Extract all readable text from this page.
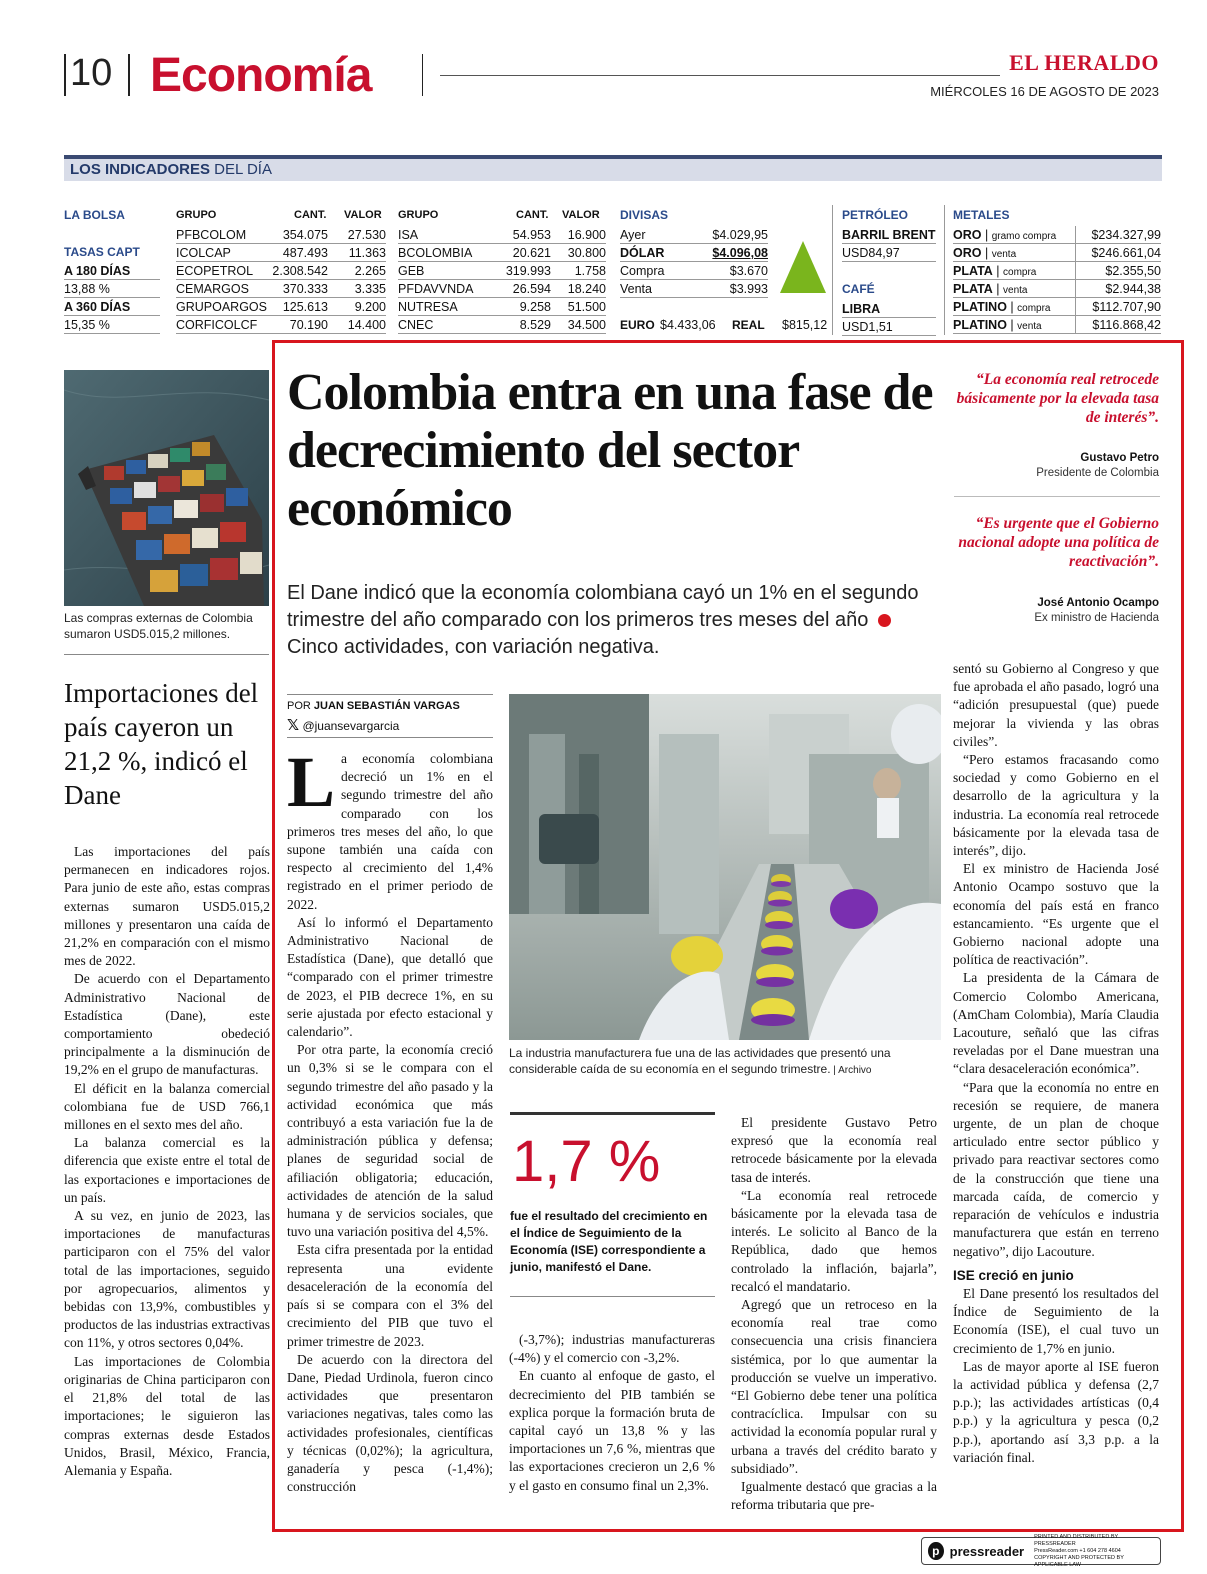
10 Economía	EL HERALDO
MIÉRCOLES 16 DE AGOSTO DE 2023
LOS INDICADORES DEL DÍA
LA BOLSA
TASAS CAPT
A 180 DÍAS
13,88 %
A 360 DÍAS
15,35 %
GRUPO	CANT. VALOR
PFBCOLOM	354.075 27.530
ICOLCAP	487.493 11.363
ECOPETROL 2.308.542 2.265
CEMARGOS	370.333 3.335
GRUPOARGOS 125.613 9.200
CORFICOLCF	70.190 14.400
GRUPO	CANT. VALOR
ISA	54.953 16.900
BCOLOMBIA	20.621 30.800
GEB	319.993 1.758
PFDAVVNDA	26.594 18.240
NUTRESA	9.258 51.500
CNEC	8.529 34.500
DIVISAS
Ayer	$4.029,95
DÓLAR	$4.096,08
Compra	$3.670
Venta	$3.993
EURO $4.433,06 REAL $815,12
PETRÓLEO
BARRIL BRENT
USD84,97
CAFÉ
LIBRA
USD1,51
METALES
ORO | gramo compra	$234.327,99
ORO | venta	$246.661,04
PLATA | compra	$2.355,50
PLATA | venta	$2.944,38
PLATINO | compra	$112.707,90
PLATINO | venta	$116.868,42
Las compras externas de Colombia sumaron USD5.015,2 millones.
Importaciones del país cayeron un 21,2 %, indicó el Dane

Las importaciones del país permanecen en indicadores rojos. Para junio de este año, estas compras externas sumaron USD5.015,2 millones y presentaron una caída de 21,2% en comparación con el mismo mes de 2022.

De acuerdo con el Departamento Administrativo Nacional de Estadística (Dane), este comportamiento obedeció principalmente a la disminución de 19,2% en el grupo de manufacturas.

El déficit en la balanza comercial colombiana fue de USD 766,1 millones en el sexto mes del año.

La balanza comercial es la diferencia que existe entre el total de las exportaciones e importaciones de un país.

A su vez, en junio de 2023, las importaciones de manufacturas participaron con el 75% del valor total de las importaciones, seguido por agropecuarios, alimentos y bebidas con 13,9%, combustibles y productos de las industrias extractivas con 11%, y otros sectores 0,04%.

Las importaciones de Colombia originarias de China participaron con el 21,8% del total de las importaciones; le siguieron las compras externas desde Estados Unidos, Brasil, México, Francia, Alemania y España.

Colombia entra en una fase de decrecimiento del sector económico
El Dane indicó que la economía colombiana cayó un 1% en el segundo trimestre del año comparado con los primeros tres meses del año  Cinco actividades, con variación negativa.
“La economía real retrocede básicamente por la elevada tasa de interés”.
Gustavo Petro
Presidente de Colombia
“Es urgente que el Gobierno nacional adopte una política de reactivación”.
José Antonio Ocampo
Ex ministro de Hacienda
POR JUAN SEBASTIÁN VARGAS
𝕏 @juansevargarcia
L a economía colombiana decreció un 1% en el segundo trimestre del año comparado con los primeros tres meses del año, lo que supone también una caída con respecto al crecimiento del 1,4% registrado en el primer periodo de 2022.

Así lo informó el Departamento Administrativo Nacional de Estadística (Dane), que detalló que “comparado con el primer trimestre de 2023, el PIB decrece 1%, en su serie ajustada por efecto estacional y calendario”.

Por otra parte, la economía creció un 0,3% si se le compara con el segundo trimestre del año pasado y la actividad económica que más contribuyó a esta variación fue la de administración pública y defensa; planes de seguridad social de afiliación obligatoria; educación, actividades de atención de la salud humana y de servicios sociales, que tuvo una variación positiva del 4,5%.

Esta cifra presentada por la entidad representa una evidente desaceleración de la economía del país si se compara con el 3% del crecimiento del PIB que tuvo el primer trimestre de 2023.

De acuerdo con la directora del Dane, Piedad Urdinola, fueron cinco actividades que presentaron variaciones negativas, tales como las actividades profesionales, científicas y técnicas (0,02%); la agricultura, ganadería y pesca (-1,4%); construcción

La industria manufacturera fue una de las actividades que presentó una considerable caída de su economía en el segundo trimestre. | Archivo
1,7 %
fue el resultado del crecimiento en el Índice de Seguimiento de la Economía (ISE) correspondiente a junio, manifestó el Dane.

(-3,7%); industrias manufactureras (-4%) y el comercio con -3,2%.

En cuanto al enfoque de gasto, el decrecimiento del PIB también se explica porque la formación bruta de capital cayó un 13,8 % y las importaciones un 7,6 %, mientras que las exportaciones crecieron un 2,6 % y el gasto en consumo final un 2,3%.

El presidente Gustavo Petro expresó que la economía real retrocede básicamente por la elevada tasa de interés.

“La economía real retrocede básicamente por la elevada tasa de interés. Le solicito al Banco de la República, dado que hemos controlado la inflación, bajarla”, recalcó el mandatario.

Agregó que un retroceso en la economía real trae como consecuencia una crisis financiera sistémica, por lo que aumentar la producción se vuelve un imperativo. “El Gobierno debe tener una política contracíclica. Impulsar con su actividad la economía popular rural y urbana a través del crédito barato y subsidiado”.

Igualmente destacó que gracias a la reforma tributaria que pre-

sentó su Gobierno al Congreso y que fue aprobada el año pasado, logró una “adición presupuestal (que) puede mejorar la vivienda y las obras civiles”.

“Pero estamos fracasando como sociedad y como Gobierno en el desarrollo de la agricultura y la industria. La economía real retrocede básicamente por la elevada tasa de interés”, dijo.

El ex ministro de Hacienda José Antonio Ocampo sostuvo que la economía del país está en franco estancamiento. “Es urgente que el Gobierno nacional adopte una política de reactivación”.

La presidenta de la Cámara de Comercio Colombo Americana, (AmCham Colombia), María Claudia Lacouture, señaló que las cifras reveladas por el Dane muestran una “clara desaceleración económica”.

“Para que la economía no entre en recesión se requiere, de manera urgente, de un plan de choque articulado entre sector público y privado para reactivar sectores como de la construcción que tiene una marcada caída, de comercio y reparación de vehículos e industria manufacturera que están en terreno negativo”, dijo Lacouture.

ISE creció en junio

El Dane presentó los resultados del Índice de Seguimiento de la Economía (ISE), el cual tuvo un crecimiento de 1,7% en junio.

Las de mayor aporte al ISE fueron la actividad pública y defensa (2,7 p.p.); las actividades artísticas (0,4 p.p.) y la agricultura y pesca (0,2 p.p.), aportando así 3,3 p.p. a la variación final.

p pressreader
PRINTED AND DISTRIBUTED BY PRESSREADER
PressReader.com +1 604 278 4604
COPYRIGHT AND PROTECTED BY APPLICABLE LAW
